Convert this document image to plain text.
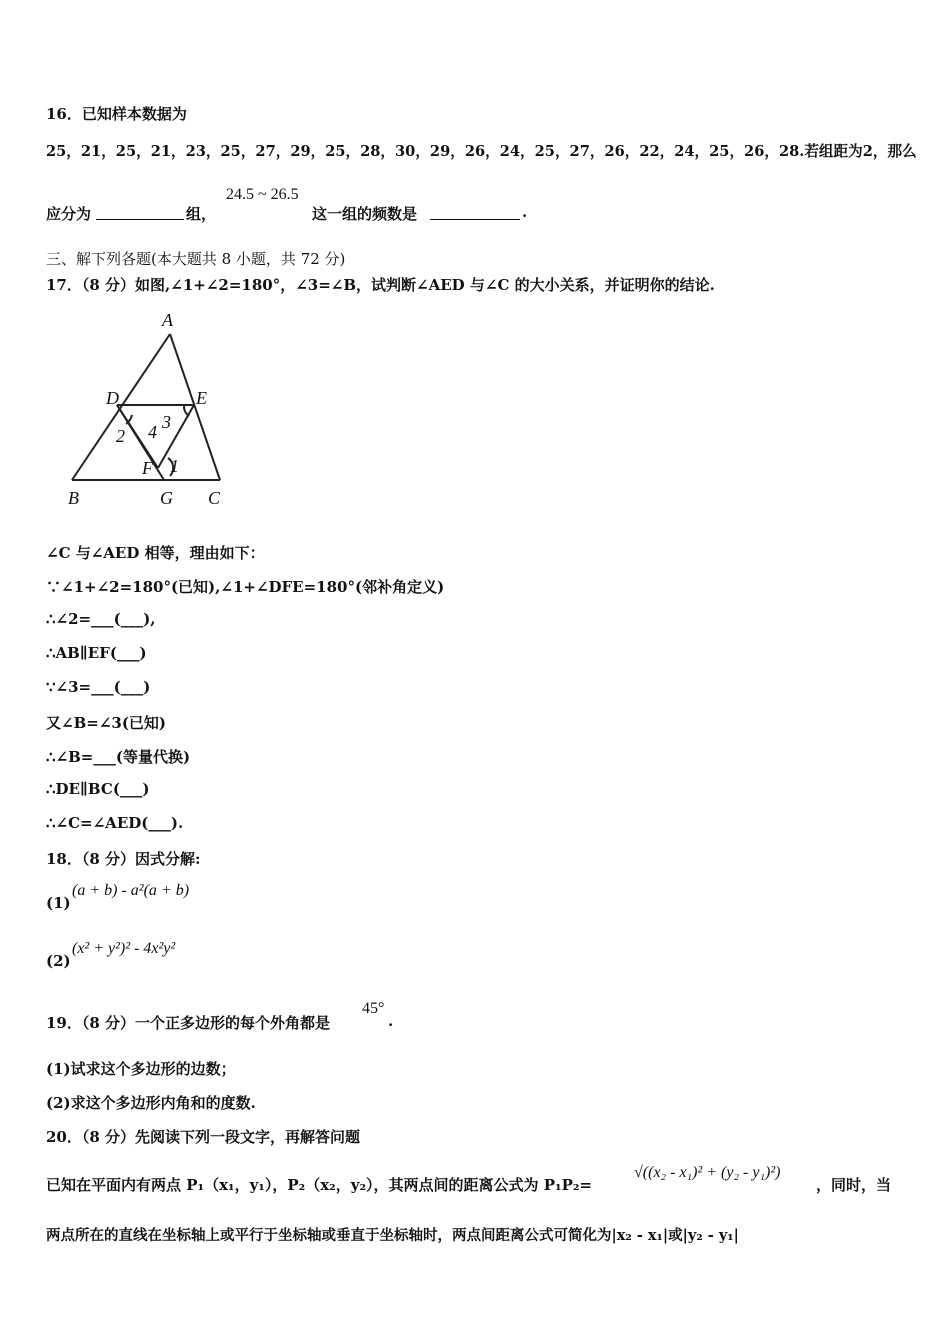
16．已知样本数据为
25，21，25，21，23，25，27，29，25，28，30，29，26，24，25，27，26，22，24，25，26，28.若组距为2，那么
应分为	组，
24.5 ~ 26.5
这一组的频数是	.
三、解下列各题(本大题共 8 小题，共 72 分)
17．（8 分）如图,∠1+∠2=180°，∠3=∠B，试判断∠AED 与∠C 的大小关系，并证明你的结论.
A
D	E
2 4 3
F 1
B	G C
∠C 与∠AED 相等，理由如下：
∵∠1+∠2=180°(已知),∠1+∠DFE=180°(邻补角定义)
∴∠2=___(___),
∴AB∥EF(___)
∵∠3=___(___)
又∠B=∠3(已知)
∴∠B=___(等量代换)
∴DE∥BC(___)
∴∠C=∠AED(___).
18．（8 分）因式分解:
(1)
(a + b) - a²(a + b)
(2)
(x² + y²)² - 4x²y²
19．（8 分）一个正多边形的每个外角都是
45°
.
(1)试求这个多边形的边数；
(2)求这个多边形内角和的度数.
20．（8 分）先阅读下列一段文字，再解答问题
已知在平面内有两点 P₁（x₁，y₁），P₂（x₂，y₂），其两点间的距离公式为 P₁P₂=
√((x₂ - x₁)² + (y₂ - y₁)²)
，同时，当
两点所在的直线在坐标轴上或平行于坐标轴或垂直于坐标轴时，两点间距离公式可简化为|x₂ - x₁|或|y₂ - y₁|
